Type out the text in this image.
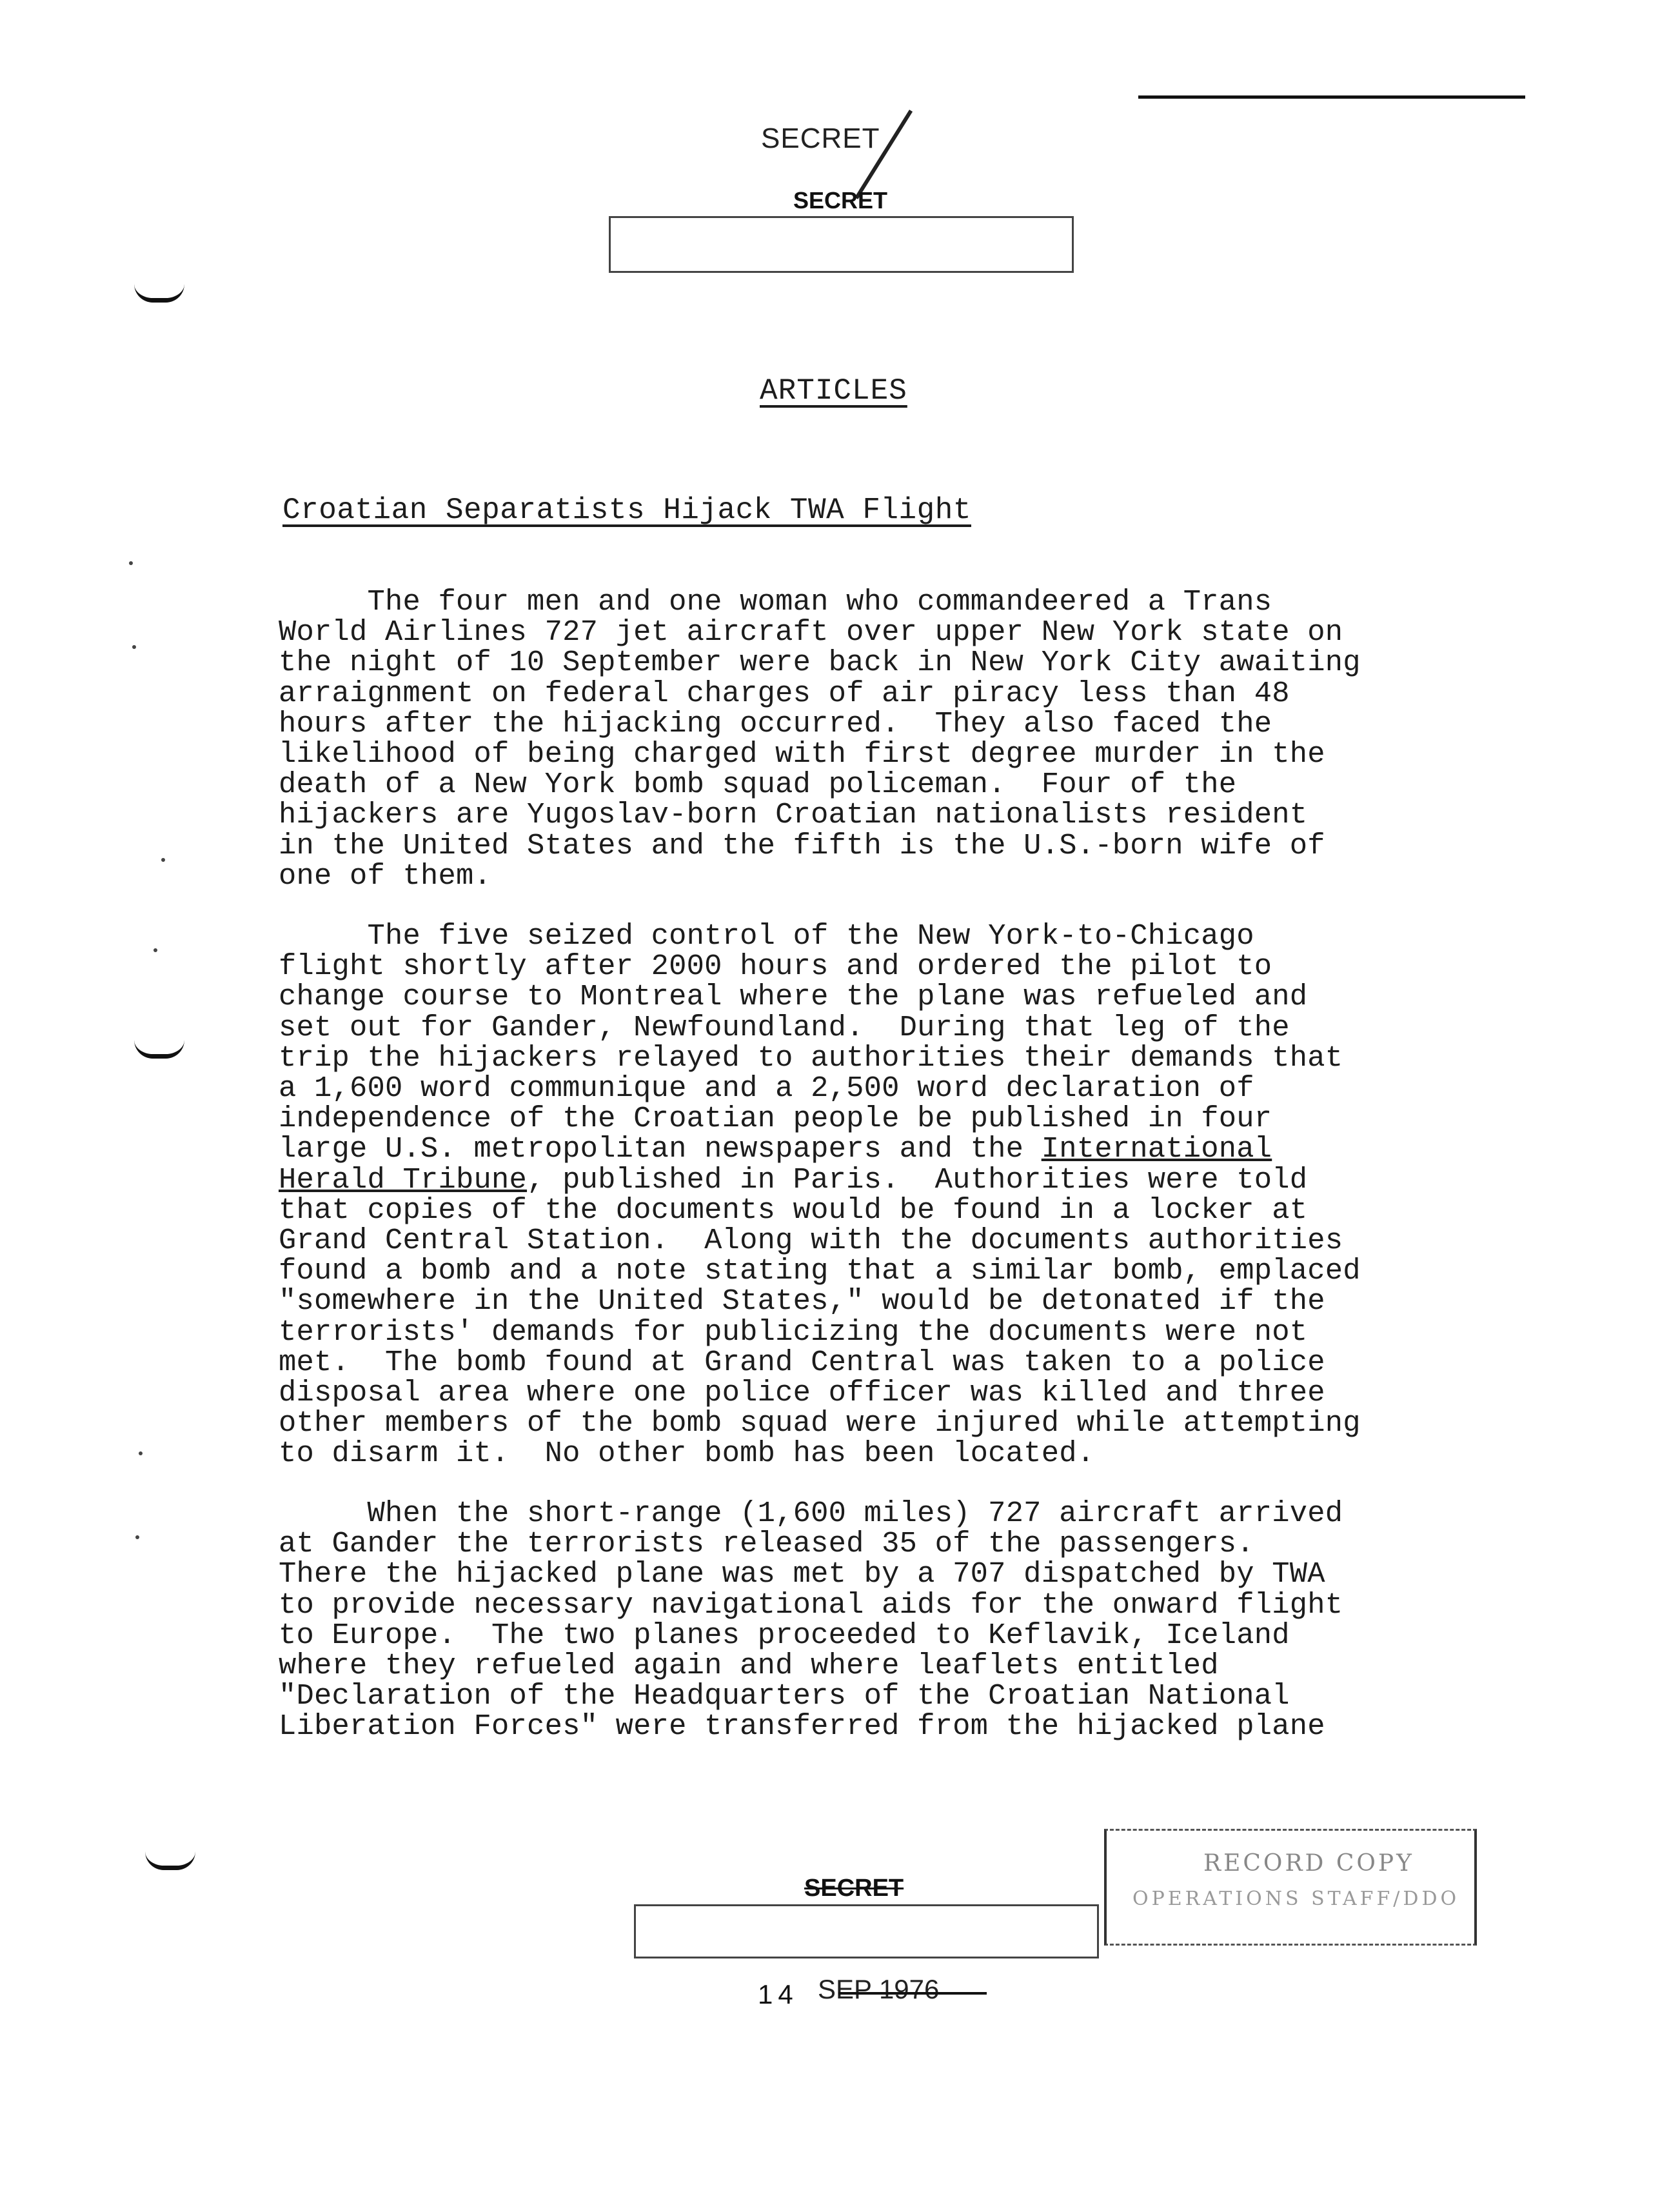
SECRET
SECRET
ARTICLES
Croatian Separatists Hijack TWA Flight
The four men and one woman who commandeered a Trans
World Airlines 727 jet aircraft over upper New York state on
the night of 10 September were back in New York City awaiting
arraignment on federal charges of air piracy less than 48
hours after the hijacking occurred.  They also faced the
likelihood of being charged with first degree murder in the
death of a New York bomb squad policeman.  Four of the
hijackers are Yugoslav-born Croatian nationalists resident
in the United States and the fifth is the U.S.-born wife of
one of them.
The five seized control of the New York-to-Chicago
flight shortly after 2000 hours and ordered the pilot to
change course to Montreal where the plane was refueled and
set out for Gander, Newfoundland.  During that leg of the
trip the hijackers relayed to authorities their demands that
a 1,600 word communique and a 2,500 word declaration of
independence of the Croatian people be published in four
large U.S. metropolitan newspapers and the International
Herald Tribune, published in Paris.  Authorities were told
that copies of the documents would be found in a locker at
Grand Central Station.  Along with the documents authorities
found a bomb and a note stating that a similar bomb, emplaced
"somewhere in the United States," would be detonated if the
terrorists' demands for publicizing the documents were not
met.  The bomb found at Grand Central was taken to a police
disposal area where one police officer was killed and three
other members of the bomb squad were injured while attempting
to disarm it.  No other bomb has been located.
When the short-range (1,600 miles) 727 aircraft arrived
at Gander the terrorists released 35 of the passengers.
There the hijacked plane was met by a 707 dispatched by TWA
to provide necessary navigational aids for the onward flight
to Europe.  The two planes proceeded to Keflavik, Iceland
where they refueled again and where leaflets entitled
"Declaration of the Headquarters of the Croatian National
Liberation Forces" were transferred from the hijacked plane
SECRET
14 SEP 1976
RECORD COPY
OPERATIONS STAFF/DDO
